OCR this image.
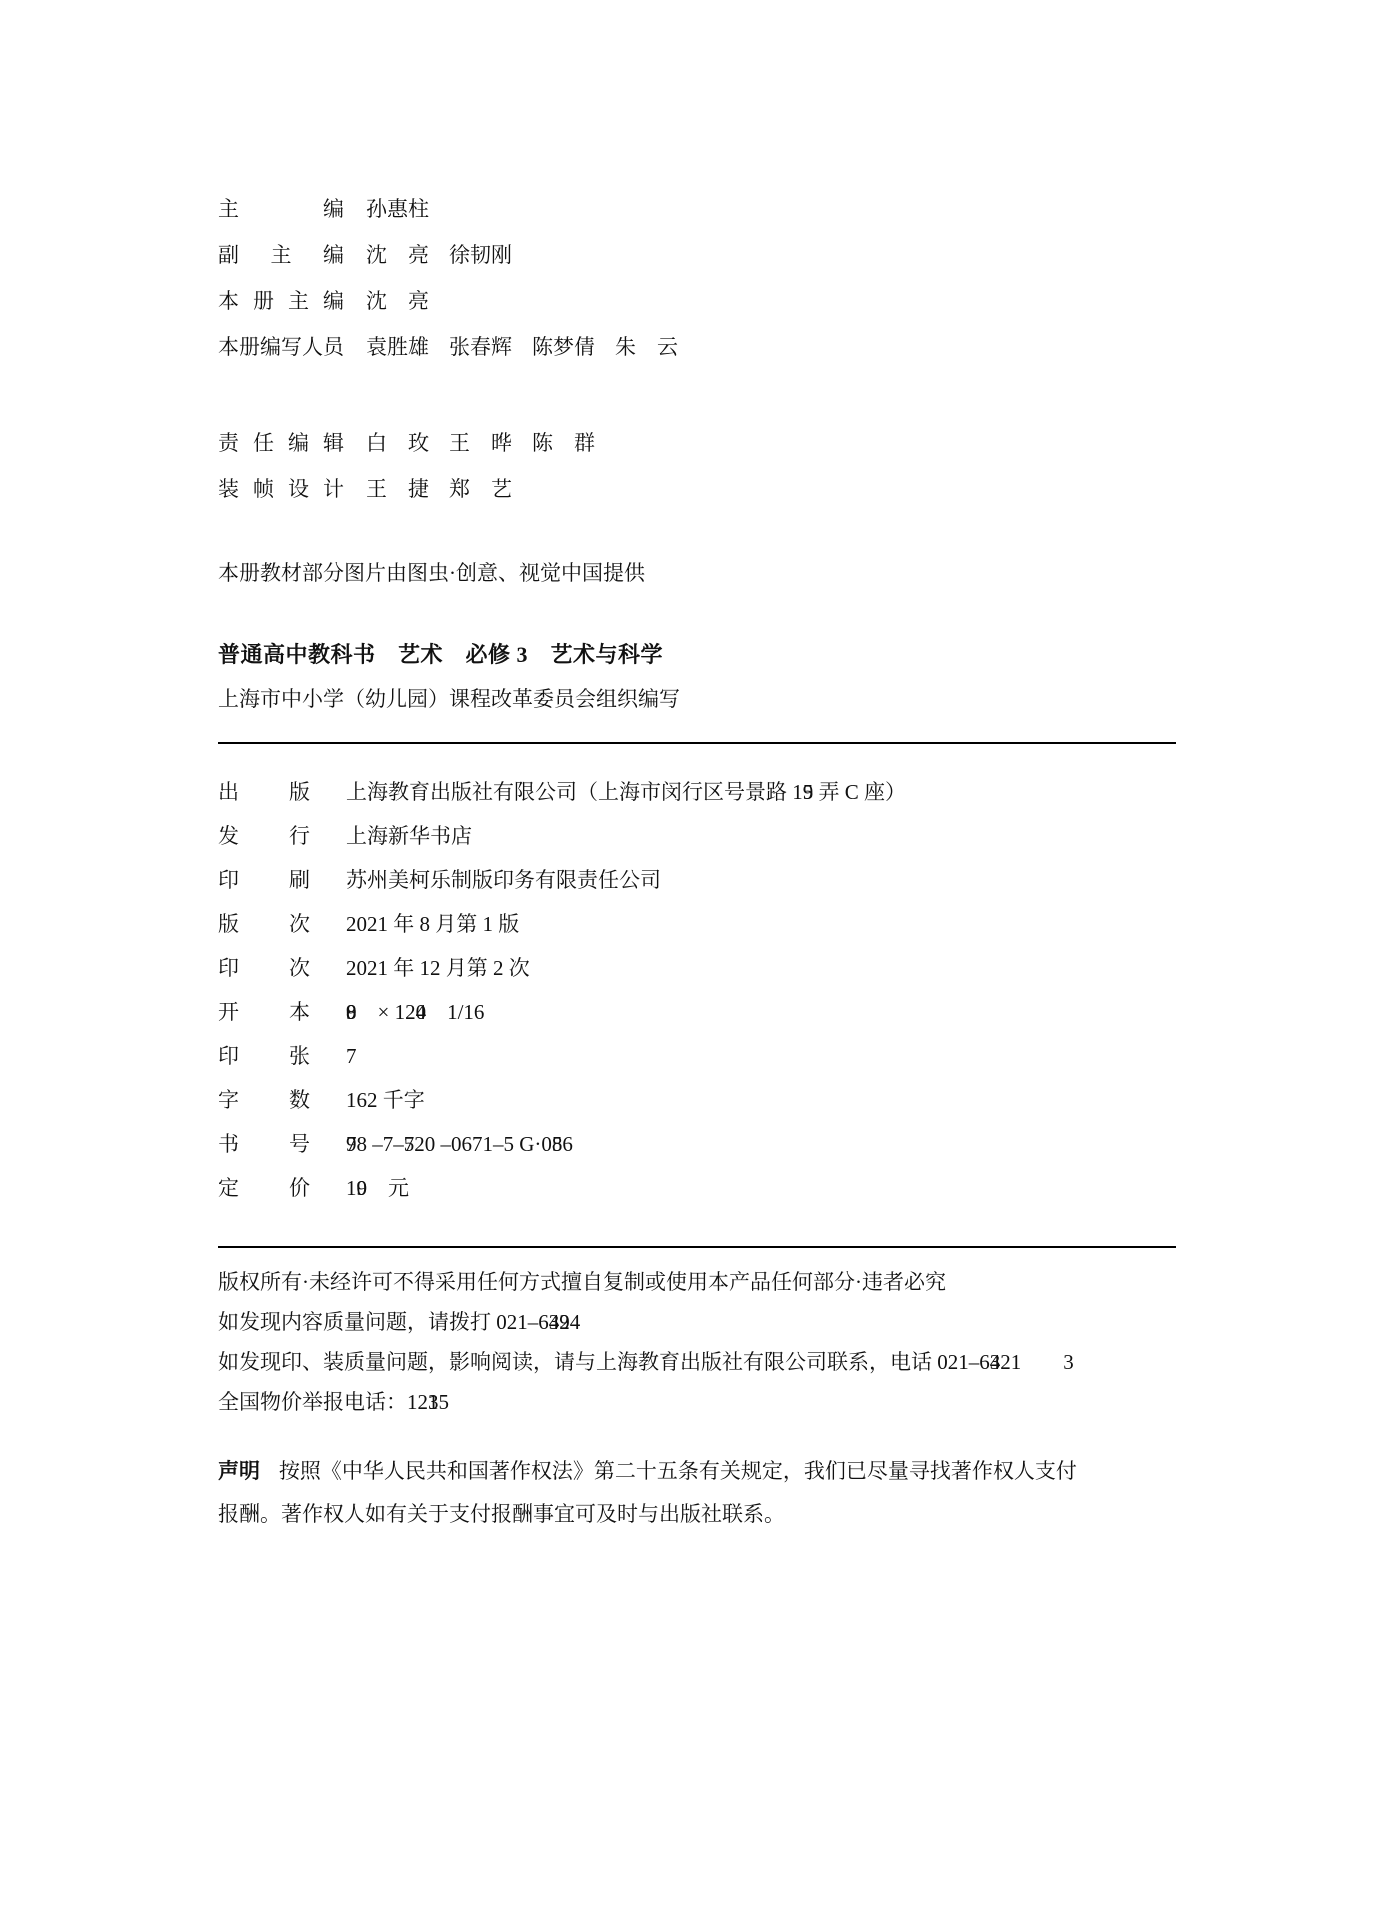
主编 孙惠柱
副主编 沈　亮 徐韧刚
本册主编 沈　亮
本册编写人员 袁胜雄 张春辉 陈梦倩 朱　云
责任编辑 白　玫 王　晔 陈　群
装帧设计 王　捷 郑　艺
本册教材部分图片由图虫·创意、视觉中国提供
普通高中教科书　艺术　必修 3　艺术与科学
上海市中小学（幼儿园）课程改革委员会组织编写
出版 上海教育出版社有限公司（上海市闵行区号景路 1 弄 C 座）
发行 上海新华书店
印刷 苏州美柯乐制版印务有限责任公司
版次 2021 年 8 月第 1 版
印次 2021 年 12 月第 2 次
开本　× 12　1/16
印张 7
字数 162 千字
书号 8 –7– 20 –0671–5 G·0 6
定价 1　元
版权所有·未经许可不得采用任何方式擅自复制或使用本产品任何部分·违者必究
如发现内容质量问题，请拨打 021–6 4
如发现印、装质量问题，影响阅读，请与上海教育出版社有限公司联系，电话 021–6 21　　3
全国物价举报电话：12 5
声明 按照《中华人民共和国著作权法》第二十五条有关规定，我们已尽量寻找著作权人支付
报酬。著作权人如有关于支付报酬事宜可及时与出版社联系。
